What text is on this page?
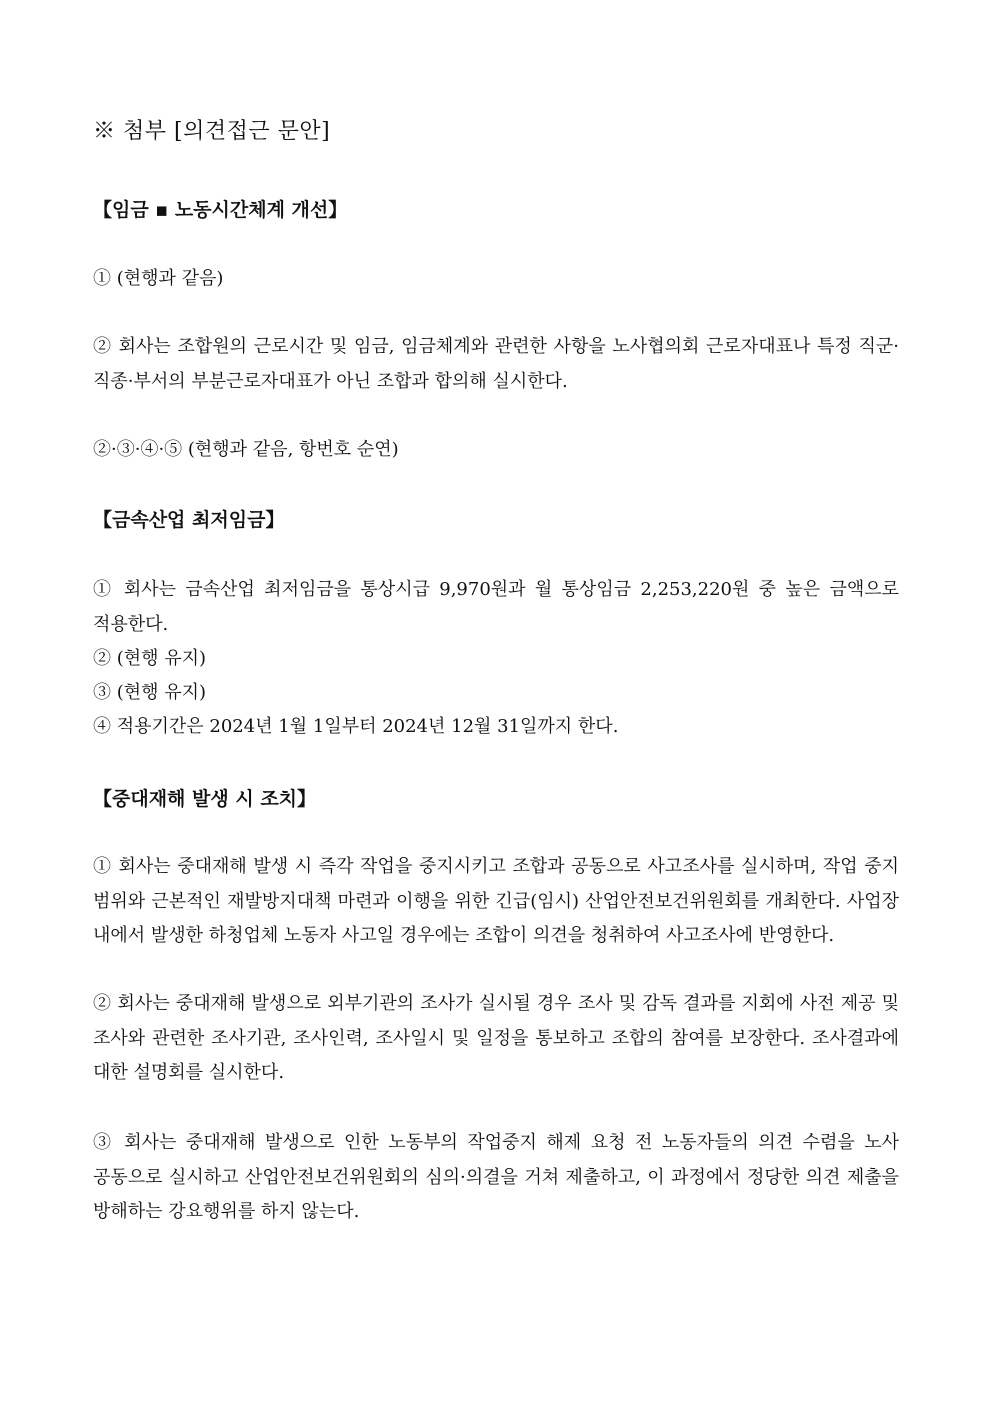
※ 첨부 [의견접근 문안]
【임금 ▪ 노동시간체계 개선】

① (현행과 같음)

② 회사는 조합원의 근로시간 및 임금, 임금체계와 관련한 사항을 노사협의회 근로자대표나 특정 직군·직종·부서의 부분근로자대표가 아닌 조합과 합의해 실시한다.

②·③·④·⑤ (현행과 같음, 항번호 순연)

【금속산업 최저임금】

① 회사는 금속산업 최저임금을 통상시급 9,970원과 월 통상임금 2,253,220원 중 높은 금액으로 적용한다.

② (현행 유지)

③ (현행 유지)

④ 적용기간은 2024년 1월 1일부터 2024년 12월 31일까지 한다.

【중대재해 발생 시 조치】

① 회사는 중대재해 발생 시 즉각 작업을 중지시키고 조합과 공동으로 사고조사를 실시하며, 작업 중지 범위와 근본적인 재발방지대책 마련과 이행을 위한 긴급(임시) 산업안전보건위원회를 개최한다. 사업장 내에서 발생한 하청업체 노동자 사고일 경우에는 조합이 의견을 청취하여 사고조사에 반영한다.

② 회사는 중대재해 발생으로 외부기관의 조사가 실시될 경우 조사 및 감독 결과를 지회에 사전 제공 및 조사와 관련한 조사기관, 조사인력, 조사일시 및 일정을 통보하고 조합의 참여를 보장한다. 조사결과에 대한 설명회를 실시한다.

③ 회사는 중대재해 발생으로 인한 노동부의 작업중지 해제 요청 전 노동자들의 의견 수렴을 노사 공동으로 실시하고 산업안전보건위원회의 심의·의결을 거쳐 제출하고, 이 과정에서 정당한 의견 제출을 방해하는 강요행위를 하지 않는다.
